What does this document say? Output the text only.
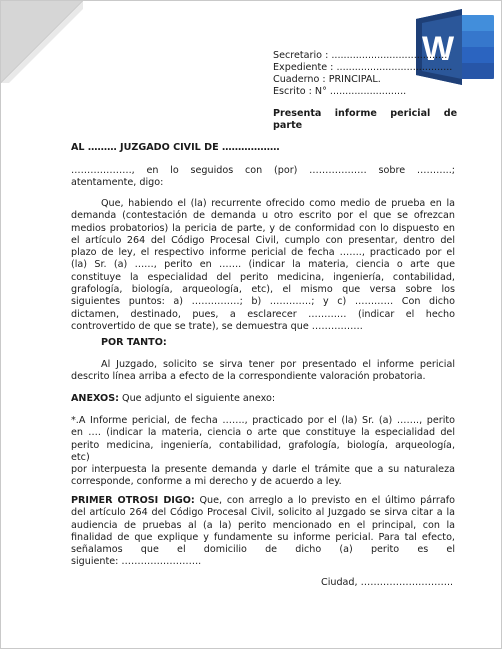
W
Secretario : ......................................
Expediente : ......................................
Cuaderno : PRINCIPAL.
Escrito : N° .........................
Presenta    informe    pericial    de
parte
AL ……… JUZGADO CIVIL DE ………………
………………., en lo seguidos con (por) ……………… sobre ………..;
atentamente, digo:
Que, habiendo el (la) recurrente ofrecido como medio de prueba en la
demanda (contestación de demanda u otro escrito por el que se ofrezcan
medios probatorios) la pericia de parte, y de conformidad con lo dispuesto en
el artículo 264 del Código Procesal Civil, cumplo con presentar, dentro del
plazo de ley, el respectivo informe pericial de fecha ……., practicado por el
(la) Sr. (a) ……, perito en ……. (indicar la materia, ciencia o arte que
constituye la especialidad del perito medicina, ingeniería, contabilidad,
grafología, biología, arqueología, etc), el mismo que versa sobre los
siguientes puntos: a) ……………; b) ………….; y c) ………… Con dicho
dictamen, destinado, pues, a esclarecer ………… (indicar el hecho
controvertido de que se trate), se demuestra que …………….
POR TANTO:
Al Juzgado, solicito se sirva tener por presentado el informe pericial
descrito línea arriba a efecto de la correspondiente valoración probatoria.
ANEXOS: Que adjunto el siguiente anexo:
*.A Informe pericial, de fecha ……., practicado por el (la) Sr. (a) ……., perito
en …. (indicar la materia, ciencia o arte que constituye la especialidad del
perito medicina, ingeniería, contabilidad, grafología, biología, arqueología,
etc)
por interpuesta la presente demanda y darle el trámite que a su naturaleza
corresponde, conforme a mi derecho y de acuerdo a ley.
PRIMER OTROSI DIGO: Que, con arreglo a lo previsto en el último párrafo
del artículo 264 del Código Procesal Civil, solicito al Juzgado se sirva citar a la
audiencia de pruebas al (a la) perito mencionado en el principal, con la
finalidad de que explique y fundamente su informe pericial. Para tal efecto,
señalamos que el domicilio de dicho (a) perito es el
siguiente: …………………….
Ciudad, ………………………..
